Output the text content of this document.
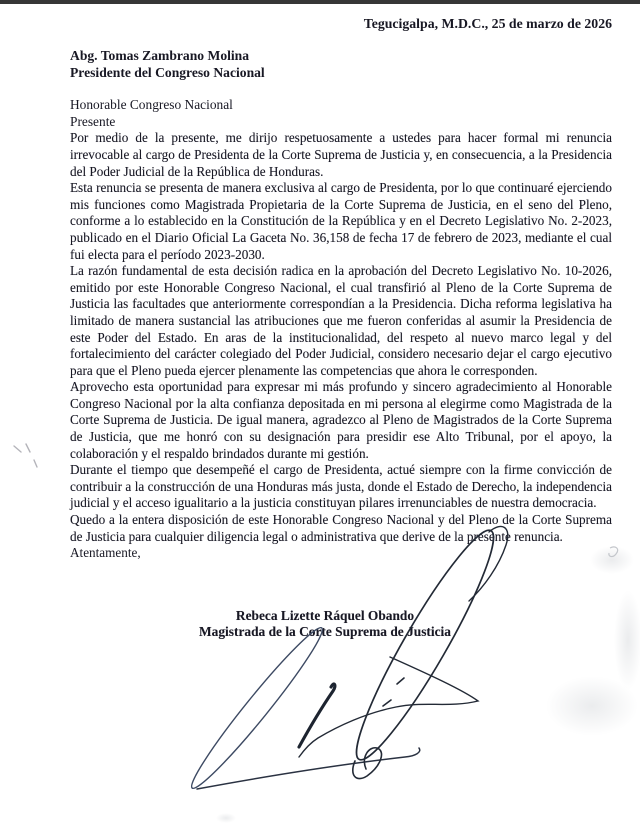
Tegucigalpa, M.D.C., 25 de marzo de 2026
Abg. Tomas Zambrano Molina
Presidente del Congreso Nacional
Honorable Congreso Nacional
Presente

Por medio de la presente, me dirijo respetuosamente a ustedes para hacer formal mi renuncia irrevocable al cargo de Presidenta de la Corte Suprema de Justicia y, en consecuencia, a la Presidencia del Poder Judicial de la República de Honduras.

Esta renuncia se presenta de manera exclusiva al cargo de Presidenta, por lo que continuaré ejerciendo mis funciones como Magistrada Propietaria de la Corte Suprema de Justicia, en el seno del Pleno, conforme a lo establecido en la Constitución de la República y en el Decreto Legislativo No. 2-2023, publicado en el Diario Oficial La Gaceta No. 36,158 de fecha 17 de febrero de 2023, mediante el cual fui electa para el período 2023-2030.

La razón fundamental de esta decisión radica en la aprobación del Decreto Legislativo No. 10-2026, emitido por este Honorable Congreso Nacional, el cual transfirió al Pleno de la Corte Suprema de Justicia las facultades que anteriormente correspondían a la Presidencia. Dicha reforma legislativa ha limitado de manera sustancial las atribuciones que me fueron conferidas al asumir la Presidencia de este Poder del Estado. En aras de la institucionalidad, del respeto al nuevo marco legal y del fortalecimiento del carácter colegiado del Poder Judicial, considero necesario dejar el cargo ejecutivo para que el Pleno pueda ejercer plenamente las competencias que ahora le corresponden.

Aprovecho esta oportunidad para expresar mi más profundo y sincero agradecimiento al Honorable Congreso Nacional por la alta confianza depositada en mi persona al elegirme como Magistrada de la Corte Suprema de Justicia. De igual manera, agradezco al Pleno de Magistrados de la Corte Suprema de Justicia, que me honró con su designación para presidir ese Alto Tribunal, por el apoyo, la colaboración y el respaldo brindados durante mi gestión.

Durante el tiempo que desempeñé el cargo de Presidenta, actué siempre con la firme convicción de contribuir a la construcción de una Honduras más justa, donde el Estado de Derecho, la independencia judicial y el acceso igualitario a la justicia constituyan pilares irrenunciables de nuestra democracia.

Quedo a la entera disposición de este Honorable Congreso Nacional y del Pleno de la Corte Suprema de Justicia para cualquier diligencia legal o administrativa que derive de la presente renuncia.

Atentamente,
Rebeca Lizette Ráquel Obando
Magistrada de la Corte Suprema de Justicia
